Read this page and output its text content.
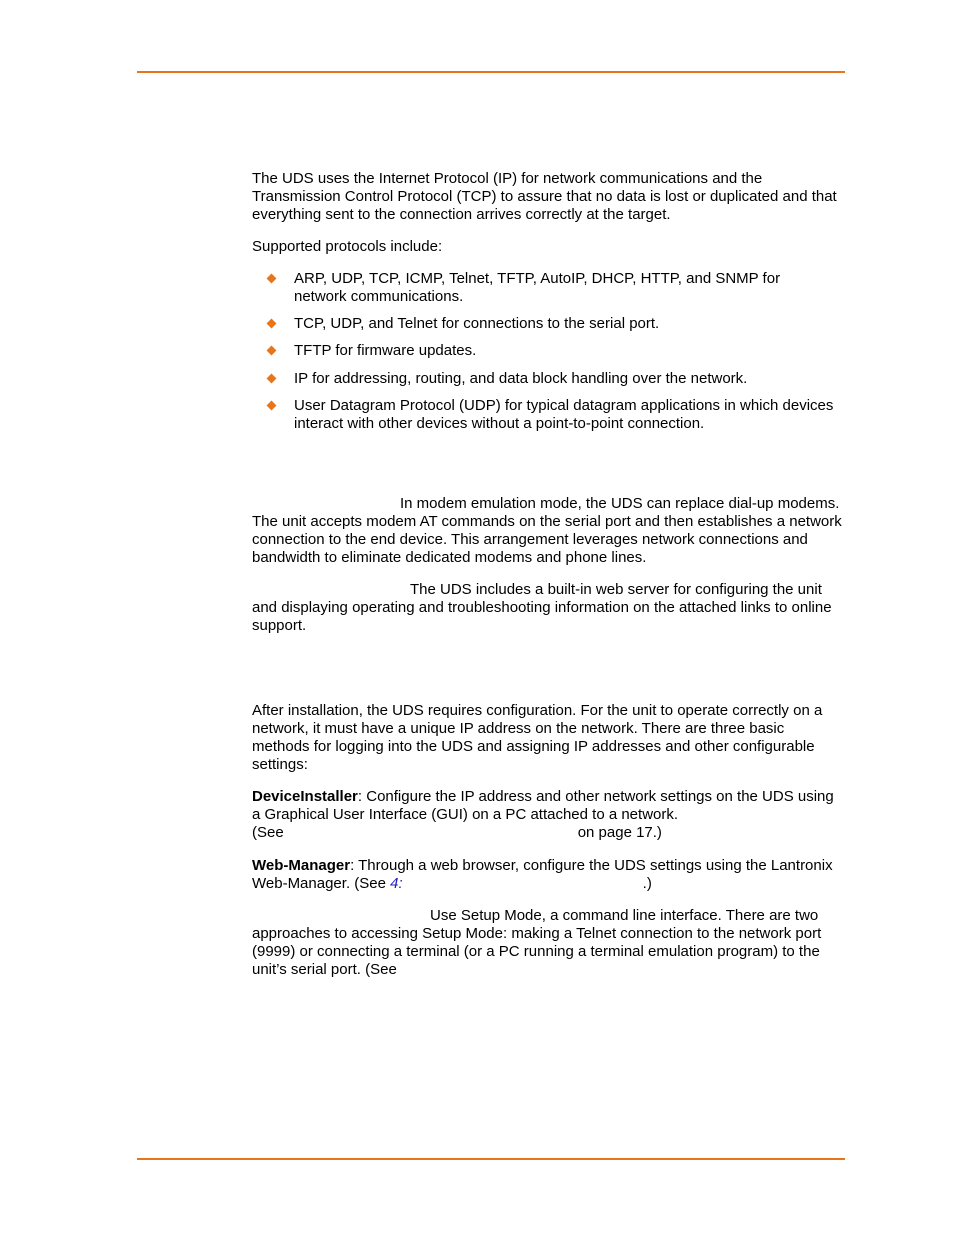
The UDS uses the Internet Protocol (IP) for network communications and the Transmission Control Protocol (TCP) to assure that no data is lost or duplicated and that everything sent to the connection arrives correctly at the target.

Supported protocols include:

ARP, UDP, TCP, ICMP, Telnet, TFTP, AutoIP, DHCP, HTTP, and SNMP for network communications.
TCP, UDP, and Telnet for connections to the serial port.
TFTP for firmware updates.
IP for addressing, routing, and data block handling over the network.
User Datagram Protocol (UDP) for typical datagram applications in which devices interact with other devices without a point-to-point connection.

In modem emulation mode, the UDS can replace dial-up modems. The unit accepts modem AT commands on the serial port and then establishes a network connection to the end device. This arrangement leverages network connections and bandwidth to eliminate dedicated modems and phone lines.

The UDS includes a built-in web server for configuring the unit and displaying operating and troubleshooting information on the attached links to online support.

After installation, the UDS requires configuration. For the unit to operate correctly on a network, it must have a unique IP address on the network. There are three basic methods for logging into the UDS and assigning IP addresses and other configurable settings:

DeviceInstaller: Configure the IP address and other network settings on the UDS using a Graphical User Interface (GUI) on a PC attached to a network.
(See	on page 17.)

Web-Manager: Through a web browser, configure the UDS settings using the Lantronix Web-Manager. (See 4:	.)

Use Setup Mode, a command line interface. There are two approaches to accessing Setup Mode: making a Telnet connection to the network port (9999) or connecting a terminal (or a PC running a terminal emulation program) to the unit’s serial port. (See
